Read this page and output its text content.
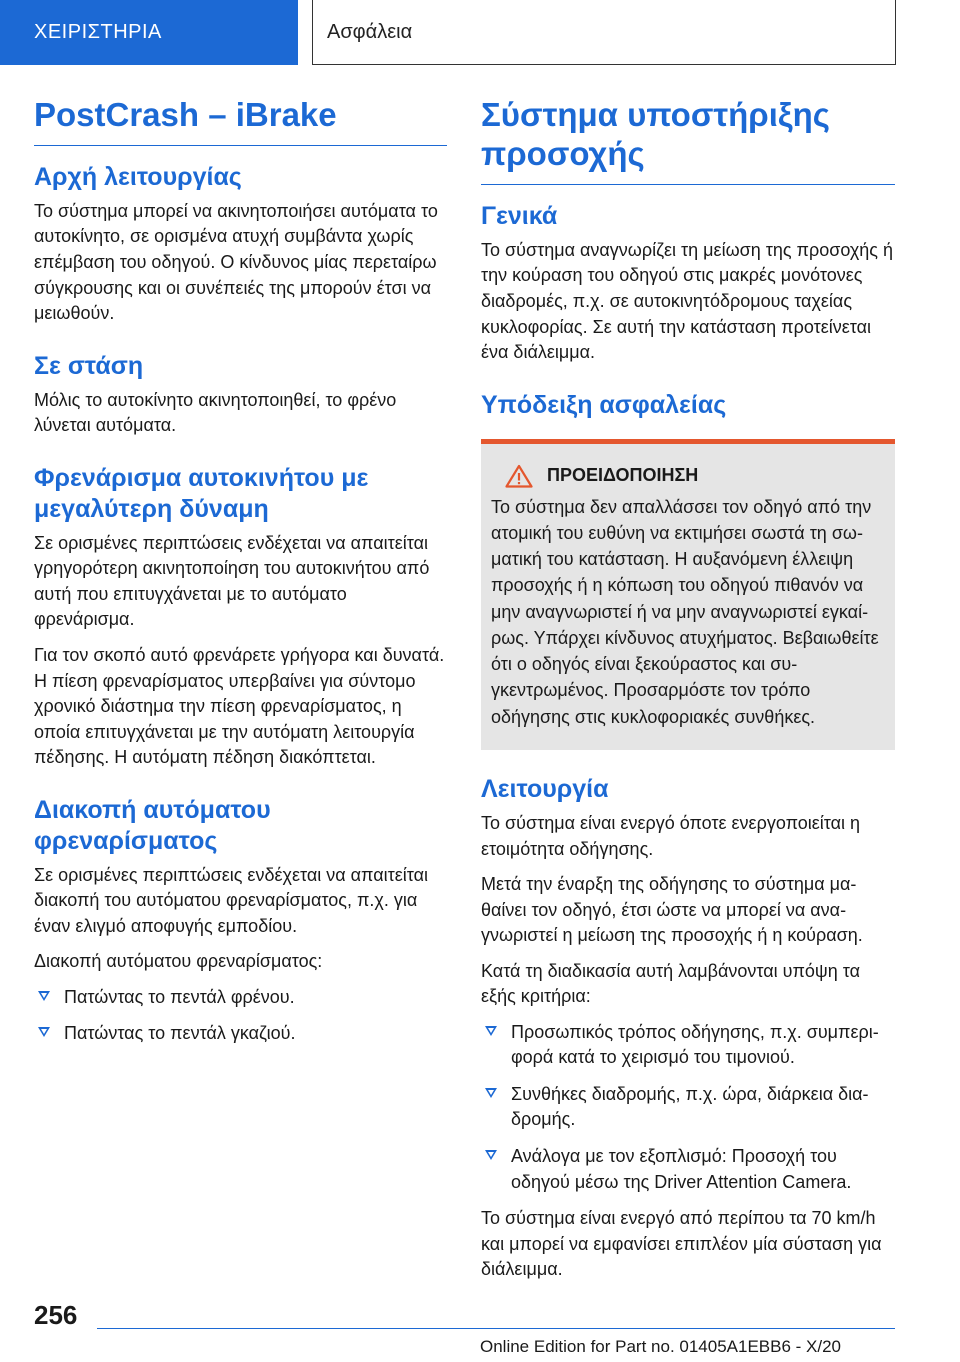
ΧΕΙΡΙΣΤΗΡΙΑ	Ασφάλεια
PostCrash – iBrake
Αρχή λειτουργίας

Το σύστημα μπορεί να ακινητοποιήσει αυτόματα το αυτοκίνητο, σε ορισμένα ατυχή συμβάντα χωρίς επέμβαση του οδηγού. Ο κίνδυνος μίας περεταίρω σύγκρουσης και οι συνέπειές της μπορούν έτσι να μειωθούν.

Σε στάση

Μόλις το αυτοκίνητο ακινητοποιηθεί, το φρένο λύνεται αυτόματα.

Φρενάρισμα αυτοκινήτου με μεγαλύτερη δύναμη

Σε ορισμένες περιπτώσεις ενδέχεται να απαιτείται γρηγορότερη ακινητοποίηση του αυτοκινήτου από αυτή που επιτυγχάνεται με το αυτόματο φρενάρισμα.

Για τον σκοπό αυτό φρενάρετε γρήγορα και δυνατά. Η πίεση φρεναρίσματος υπερβαίνει για σύντομο χρονικό διάστημα την πίεση φρεναρίσματος, η οποία επιτυγχάνεται με την αυτόματη λειτουργία πέδησης. Η αυτόματη πέδηση διακόπτεται.

Διακοπή αυτόματου φρεναρίσματος

Σε ορισμένες περιπτώσεις ενδέχεται να απαιτείται διακοπή του αυτόματου φρεναρίσματος, π.χ. για έναν ελιγμό αποφυγής εμποδίου.

Διακοπή αυτόματου φρεναρίσματος:

Πατώντας το πεντάλ φρένου.
Πατώντας το πεντάλ γκαζιού.
Σύστημα υποστήριξης προσοχής
Γενικά

Το σύστημα αναγνωρίζει τη μείωση της προσοχής ή την κούραση του οδηγού στις μακρές μονότονες διαδρομές, π.χ. σε αυτοκινητόδρομους ταχείας κυκλοφορίας. Σε αυτή την κατάσταση προτείνεται ένα διάλειμμα.

Υπόδειξη ασφαλείας
ΠΡΟΕΙΔΟΠΟΙΗΣΗ

Το σύστημα δεν απαλλάσσει τον οδηγό από την ατομική του ευθύνη να εκτιμήσει σωστά τη σωματική του κατάσταση. Η αυξανόμενη έλλειψη προσοχής ή η κόπωση του οδηγού πιθανόν να μην αναγνωριστεί ή να μην αναγνωριστεί εγκαίρως. Υπάρχει κίνδυνος ατυχήματος. Βεβαιωθείτε ότι ο οδηγός είναι ξεκούραστος και συγκεντρωμένος. Προσαρμόστε τον τρόπο οδήγησης στις κυκλοφοριακές συνθήκες.

Λειτουργία

Το σύστημα είναι ενεργό όποτε ενεργοποιείται η ετοιμότητα οδήγησης.

Μετά την έναρξη της οδήγησης το σύστημα μαθαίνει τον οδηγό, έτσι ώστε να μπορεί να αναγνωριστεί η μείωση της προσοχής ή η κούραση.

Κατά τη διαδικασία αυτή λαμβάνονται υπόψη τα εξής κριτήρια:

Προσωπικός τρόπος οδήγησης, π.χ. συμπεριφορά κατά το χειρισμό του τιμονιού.
Συνθήκες διαδρομής, π.χ. ώρα, διάρκεια διαδρομής.
Ανάλογα με τον εξοπλισμό: Προσοχή του οδηγού μέσω της Driver Attention Camera.

Το σύστημα είναι ενεργό από περίπου τα 70 km/h και μπορεί να εμφανίσει επιπλέον μία σύσταση για διάλειμμα.

256
Online Edition for Part no. 01405A1EBB6 - X/20
